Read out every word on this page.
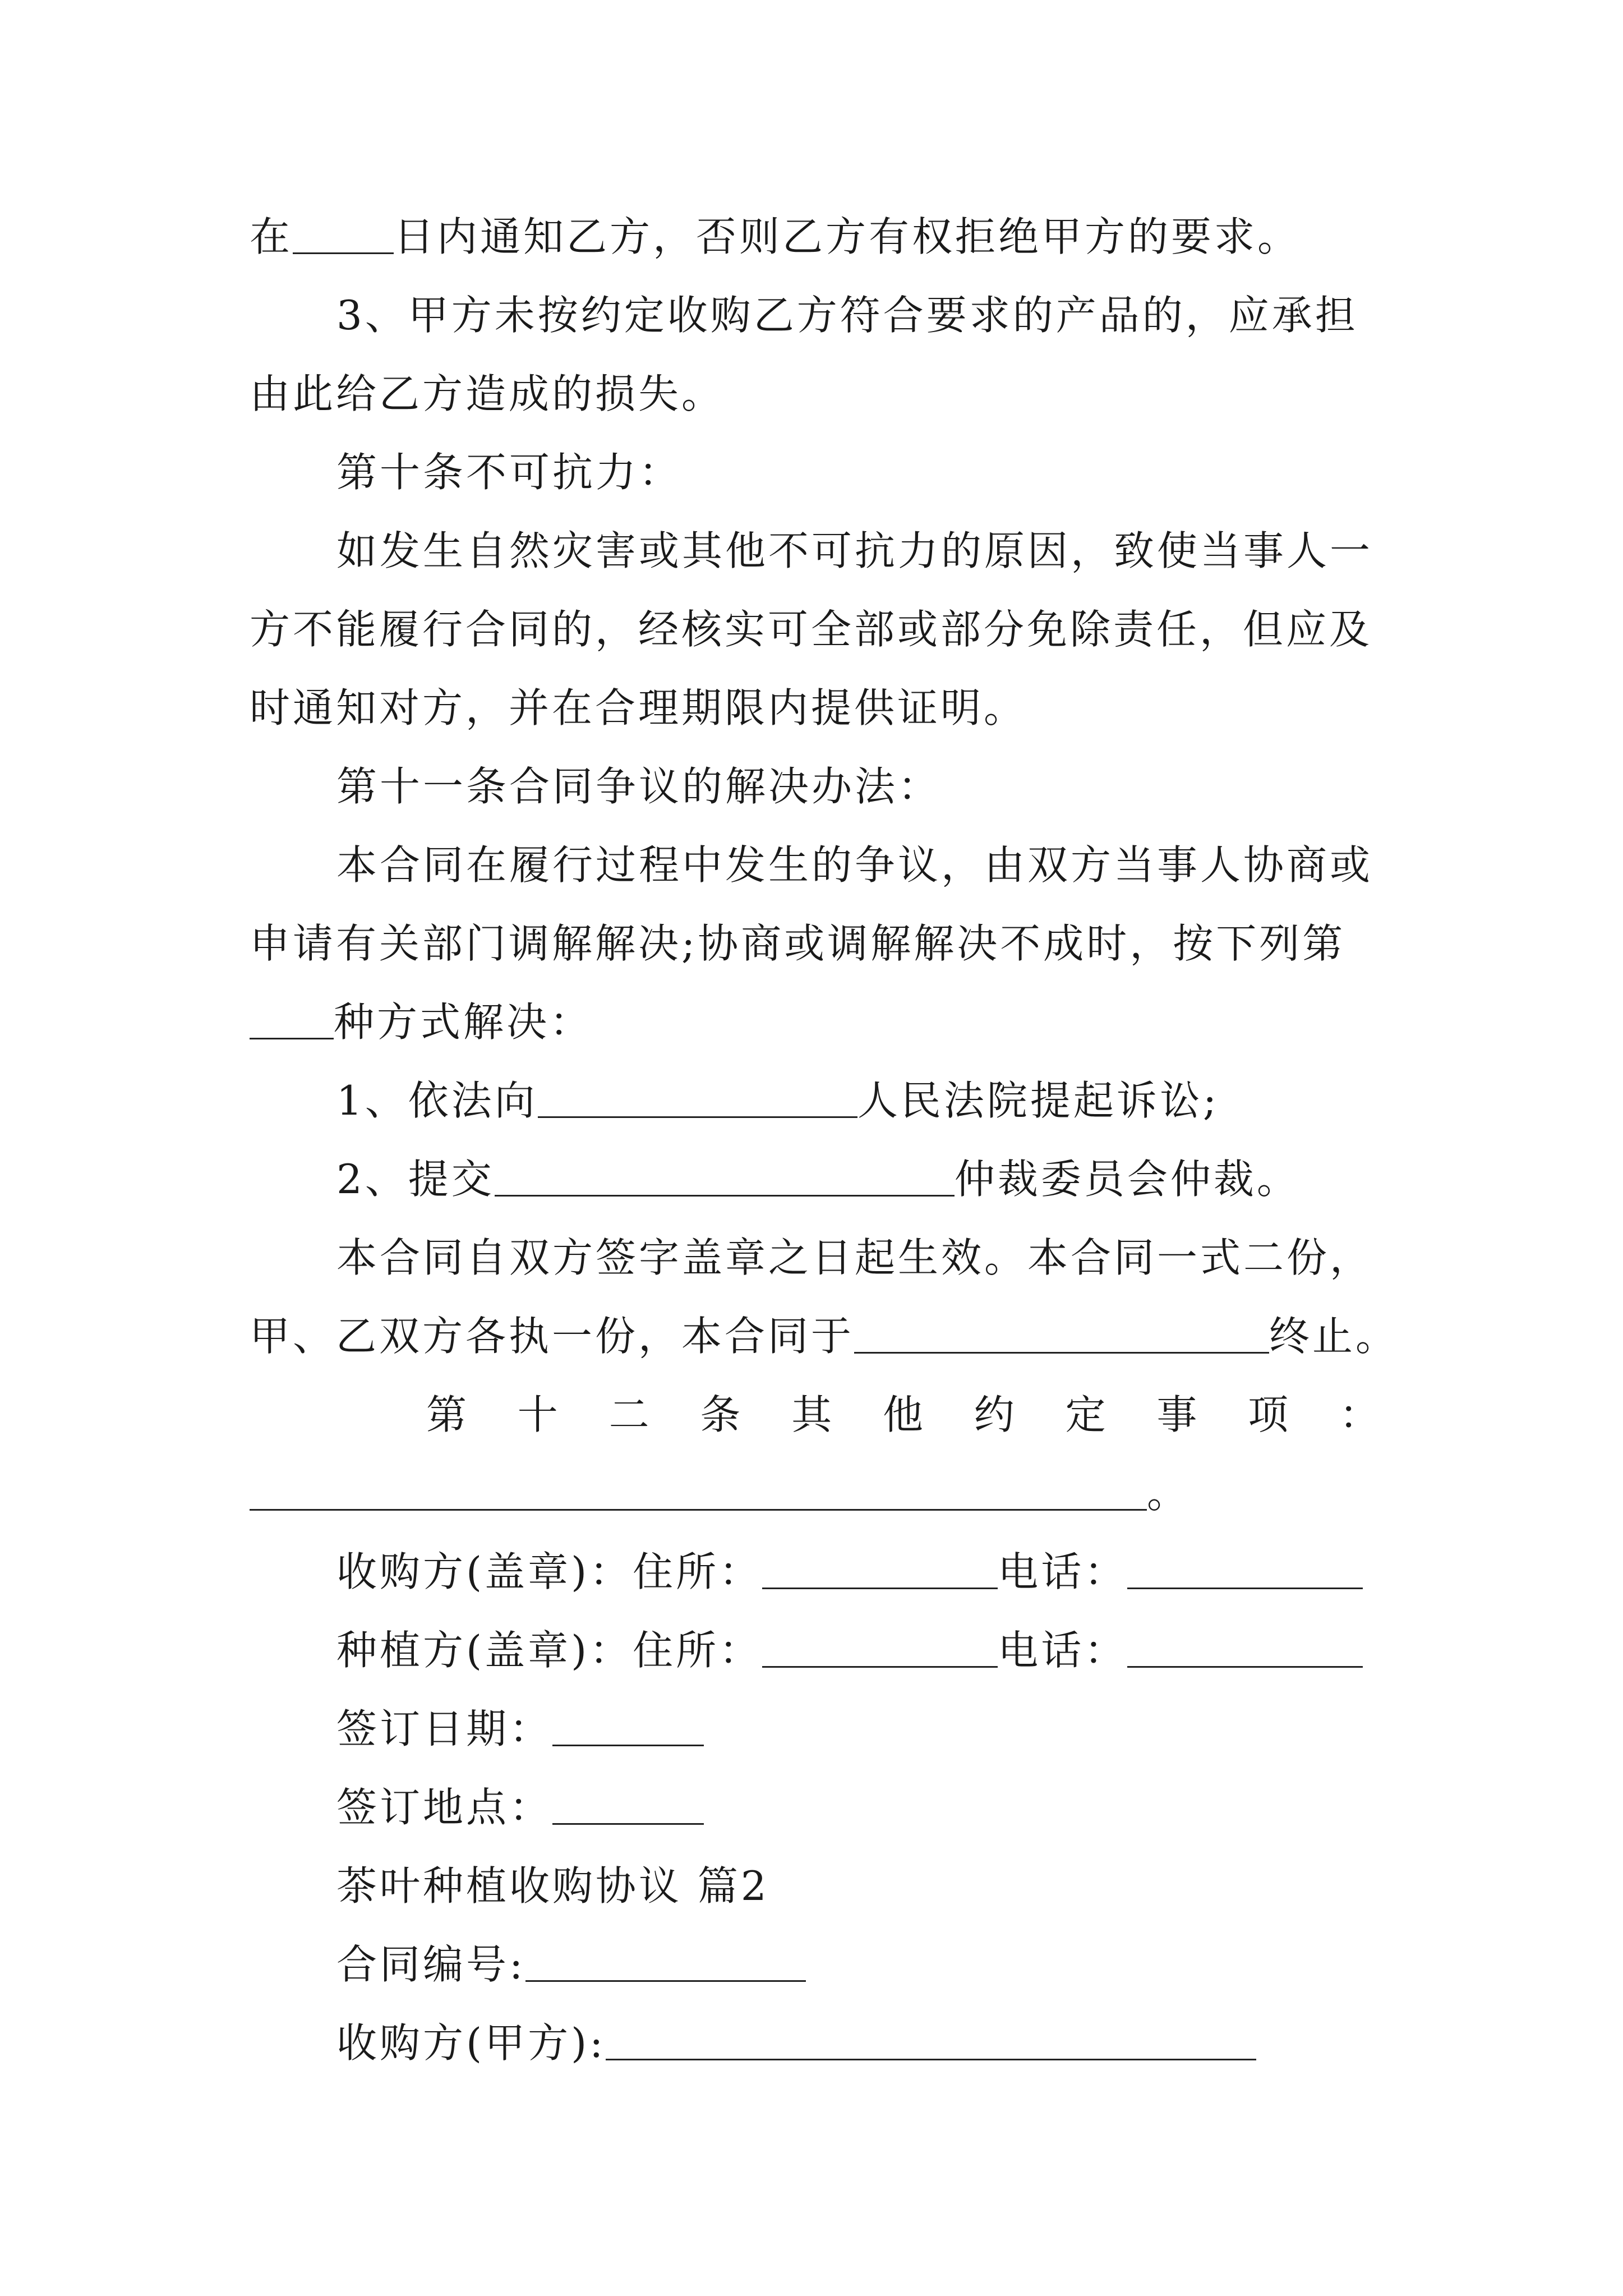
在	日内通知乙方，否则乙方有权拒绝甲方的要求。
3、甲方未按约定收购乙方符合要求的产品的，应承担
由此给乙方造成的损失。
第十条不可抗力：
如发生自然灾害或其他不可抗力的原因，致使当事人一
方不能履行合同的，经核实可全部或部分免除责任，但应及
时通知对方，并在合理期限内提供证明。
第十一条合同争议的解决办法：
本合同在履行过程中发生的争议，由双方当事人协商或
申请有关部门调解解决;协商或调解解决不成时，按下列第
种方式解决：
1、依法向	人民法院提起诉讼;
2、提交	仲裁委员会仲裁。
本合同自双方签字盖章之日起生效。本合同一式二份，
甲、乙双方各执一份，本合同于	终止。
第 十 二 条 其 他 约 定 事 项 ：
。
收购方(盖章)：住所：	电话：
种植方(盖章)：住所：	电话：
签订日期：
签订地点：
茶叶种植收购协议 篇2
合同编号:
收购方(甲方):
